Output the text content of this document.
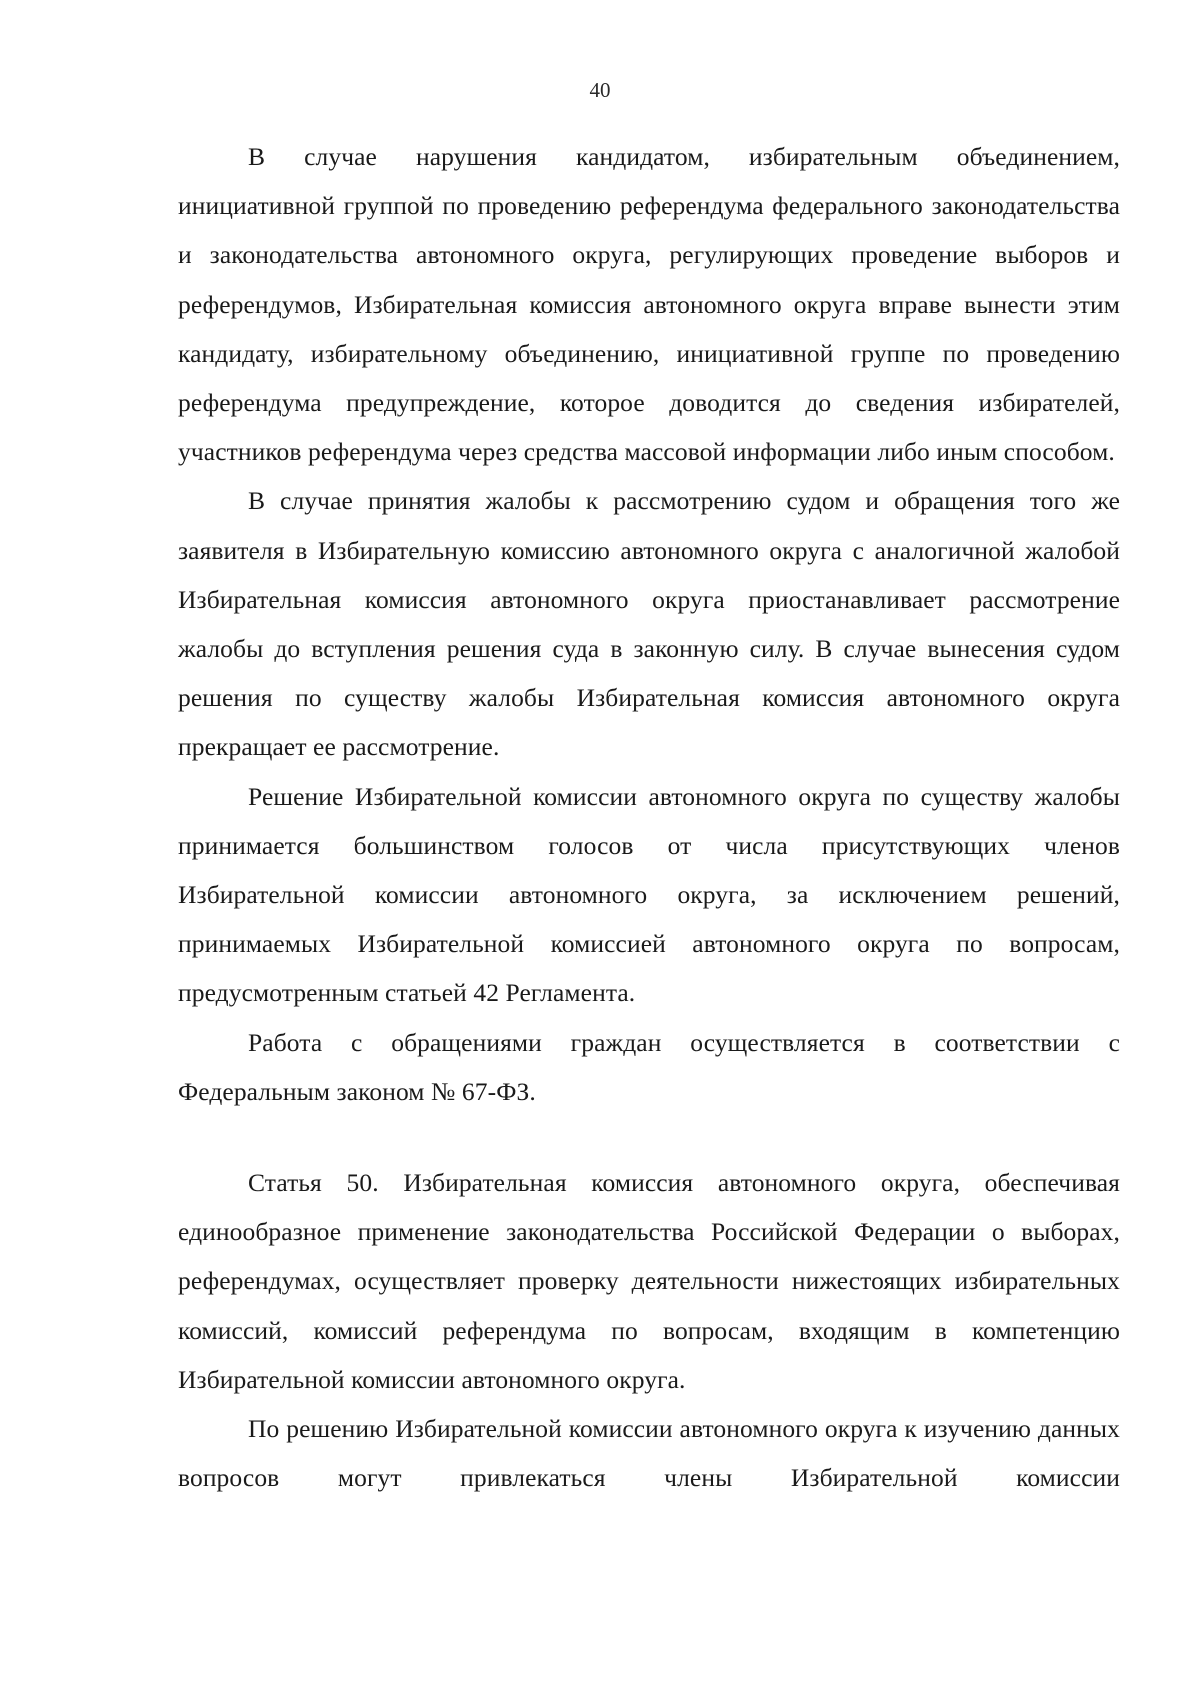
40

В случае нарушения кандидатом, избирательным объединением, инициативной группой по проведению референдума федерального законодательства и законодательства автономного округа, регулирующих проведение выборов и референдумов, Избирательная комиссия автономного округа вправе вынести этим кандидату, избирательному объединению, инициативной группе по проведению референдума предупреждение, которое доводится до сведения избирателей, участников референдума через средства массовой информации либо иным способом.

В случае принятия жалобы к рассмотрению судом и обращения того же заявителя в Избирательную комиссию автономного округа с аналогичной жалобой Избирательная комиссия автономного округа приостанавливает рассмотрение жалобы до вступления решения суда в законную силу. В случае вынесения судом решения по существу жалобы Избирательная комиссия автономного округа прекращает ее рассмотрение.

Решение Избирательной комиссии автономного округа по существу жалобы принимается большинством голосов от числа присутствующих членов Избирательной комиссии автономного округа, за исключением решений, принимаемых Избирательной комиссией автономного округа по вопросам, предусмотренным статьей 42 Регламента.

Работа с обращениями граждан осуществляется в соответствии с Федеральным законом № 67-ФЗ.

Статья 50. Избирательная комиссия автономного округа, обеспечивая единообразное применение законодательства Российской Федерации о выборах, референдумах, осуществляет проверку деятельности нижестоящих избирательных комиссий, комиссий референдума по вопросам, входящим в компетенцию Избирательной комиссии автономного округа.

По решению Избирательной комиссии автономного округа к изучению данных вопросов могут привлекаться члены Избирательной комиссии
